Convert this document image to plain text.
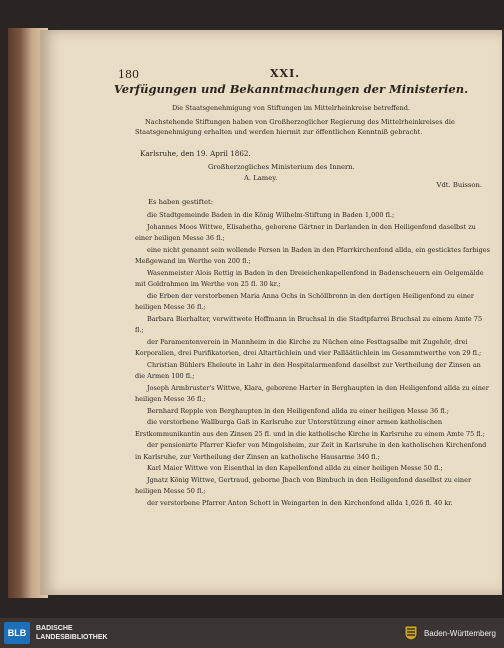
180	XXI.
Verfügungen und Bekanntmachungen der Ministerien.
Die Staatsgenehmigung von Stiftungen im Mittelrheinkreise betreffend.
Nachstehende Stiftungen haben von Großherzoglicher Regierung des Mittelrheinkreises die Staatsgenehmigung erhalten und werden hiermit zur öffentlichen Kenntniß gebracht.
Karlsruhe, den 19. April 1862.
Großherzogliches Ministerium des Innern.
A. Lamey.
Vdt. Buisson.
Es haben gestiftet:
die Stadtgemeinde Baden in die König Wilhelm-Stiftung in Baden 1,000 fl.;
Johannes Moos Wittwe, Elisabetha, geborene Gärtner in Darlanden in den Heiligenfond daselbst zu einer heiligen Messe 36 fl.;
eine nicht genannt sein wollende Person in Baden in den Pfarrkirchenfond allda, ein gesticktes farbiges Meßgewand im Werthe von 200 fl.;
Wasenmeister Alois Rettig in Baden in den Dreieichenkapellenfond in Badenscheuern ein Oelgemälde mit Goldrahmen im Werthe von 25 fl. 30 kr.;
die Erben der verstorbenen Maria Anna Ochs in Schöllbronn in den dortigen Heiligenfond zu einer heiligen Messe 36 fl.;
Barbara Bierhalter, verwittwete Hoffmann in Bruchsal in die Stadtpfarrei Bruchsal zu einem Amte 75 fl.;
der Paramentenverein in Mannheim in die Kirche zu Nüchen eine Festtagsalbe mit Zugehör, drei Korporalien, drei Purifikatorien, drei Altartüchlein und vier Palläätüchlein im Gesammtwerthe von 29 fl.;
Christian Bühlers Eheleute in Lahr in den Hospitalarmenfond daselbst zur Vertheilung der Zinsen an die Armen 100 fl.;
Joseph Armbruster's Wittwe, Klara, geborene Harter in Berghaupten in den Heiligenfond allda zu einer heiligen Messe 36 fl.;
Bernhard Repple von Berghaupten in den Heiligenfond allda zu einer heiligen Messe 36 fl.;
die verstorbene Wallburga Gaß in Karlsruhe zur Unterstützung einer armen katholischen Erstkommunikantin aus den Zinsen 25 fl. und in die katholische Kirche in Karlsruhe zu einem Amte 75 fl.;
der pensionirte Pfarrer Kiefer von Mingolsheim, zur Zeit in Karlsruhe in den katholischen Kirchenfond in Karlsruhe, zur Vertheilung der Zinsen an katholische Hausarme 340 fl.;
Karl Maier Wittwe von Eisenthal in den Kapellenfond allda zu einer heiligen Messe 50 fl.;
Jgnatz König Wittwe, Gertraud, geborne Jbach von Bimbuch in den Heiligenfond daselbst zu einer heiligen Messe 50 fl.;
der verstorbene Pfarrer Anton Schott in Weingarten in den Kirchenfond allda 1,026 fl. 40 kr.
BLB	BADISCHE
LANDESBIBLIOTHEK	Baden-Württemberg
